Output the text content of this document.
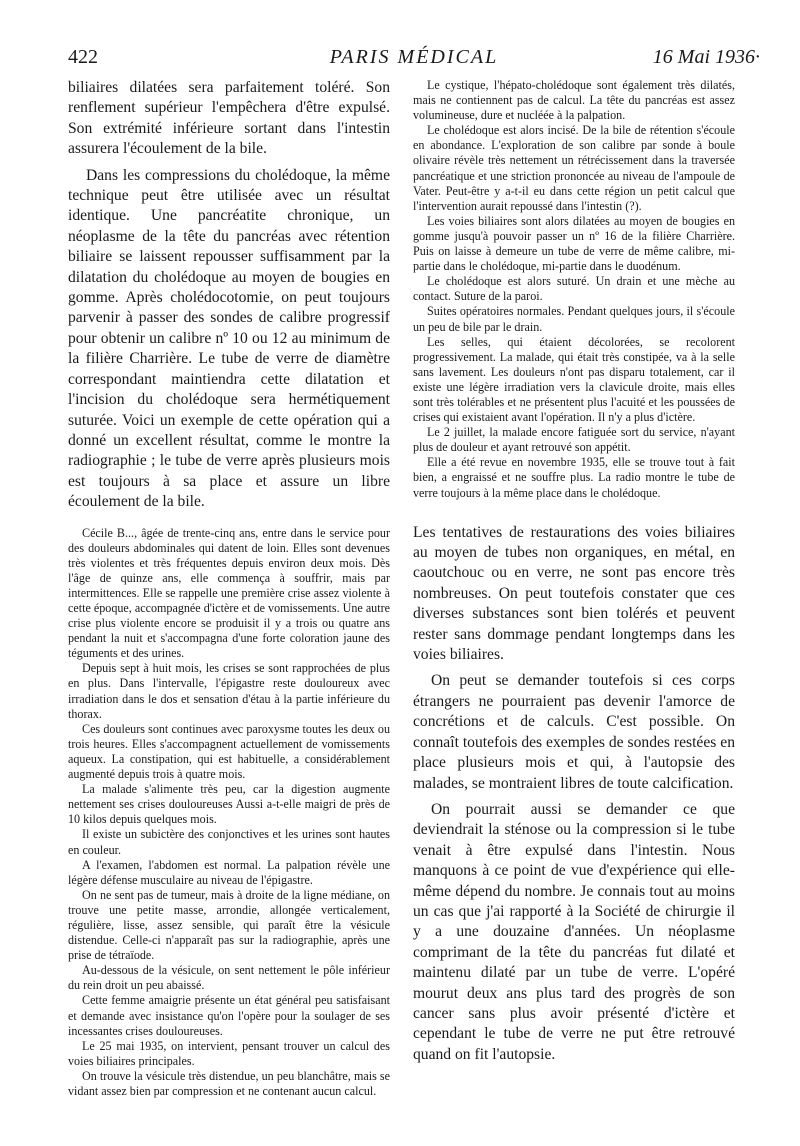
422	PARIS MÉDICAL	16 Mai 1936·

biliaires dilatées sera parfaitement toléré. Son renflement supérieur l'empêchera d'être expulsé. Son extrémité inférieure sortant dans l'intestin assurera l'écoulement de la bile.

Dans les compressions du cholédoque, la même technique peut être utilisée avec un résultat identique. Une pancréatite chronique, un néoplasme de la tête du pancréas avec rétention biliaire se laissent repousser suffisamment par la dilatation du cholédoque au moyen de bougies en gomme. Après cholédocotomie, on peut toujours parvenir à passer des sondes de calibre progressif pour obtenir un calibre nº 10 ou 12 au minimum de la filière Charrière. Le tube de verre de diamètre correspondant maintiendra cette dilatation et l'incision du cholédoque sera hermétiquement suturée. Voici un exemple de cette opération qui a donné un excellent résultat, comme le montre la radiographie ; le tube de verre après plusieurs mois est toujours à sa place et assure un libre écoulement de la bile.

Cécile B..., âgée de trente-cinq ans, entre dans le service pour des douleurs abdominales qui datent de loin. Elles sont devenues très violentes et très fréquentes depuis environ deux mois. Dès l'âge de quinze ans, elle commença à souffrir, mais par intermittences. Elle se rappelle une première crise assez violente à cette époque, accompagnée d'ictère et de vomissements. Une autre crise plus violente encore se produisit il y a trois ou quatre ans pendant la nuit et s'accompagna d'une forte coloration jaune des téguments et des urines.

Depuis sept à huit mois, les crises se sont rapprochées de plus en plus. Dans l'intervalle, l'épigastre reste douloureux avec irradiation dans le dos et sensation d'étau à la partie inférieure du thorax.

Ces douleurs sont continues avec paroxysme toutes les deux ou trois heures. Elles s'accompagnent actuellement de vomissements aqueux. La constipation, qui est habituelle, a considérablement augmenté depuis trois à quatre mois.

La malade s'alimente très peu, car la digestion augmente nettement ses crises douloureuses Aussi a-t-elle maigri de près de 10 kilos depuis quelques mois.

Il existe un subictère des conjonctives et les urines sont hautes en couleur.

A l'examen, l'abdomen est normal. La palpation révèle une légère défense musculaire au niveau de l'épigastre.

On ne sent pas de tumeur, mais à droite de la ligne médiane, on trouve une petite masse, arrondie, allongée verticalement, régulière, lisse, assez sensible, qui paraît être la vésicule distendue. Celle-ci n'apparaît pas sur la radiographie, après une prise de tétraïode.

Au-dessous de la vésicule, on sent nettement le pôle inférieur du rein droit un peu abaissé.

Cette femme amaigrie présente un état général peu satisfaisant et demande avec insistance qu'on l'opère pour la soulager de ses incessantes crises douloureuses.

Le 25 mai 1935, on intervient, pensant trouver un calcul des voies biliaires principales.

On trouve la vésicule très distendue, un peu blanchâtre, mais se vidant assez bien par compression et ne contenant aucun calcul.

Le cystique, l'hépato-cholédoque sont également très dilatés, mais ne contiennent pas de calcul. La tête du pancréas est assez volumineuse, dure et nucléée à la palpation.

Le cholédoque est alors incisé. De la bile de rétention s'écoule en abondance. L'exploration de son calibre par sonde à boule olivaire révèle très nettement un rétrécissement dans la traversée pancréatique et une striction prononcée au niveau de l'ampoule de Vater. Peut-être y a-t-il eu dans cette région un petit calcul que l'intervention aurait repoussé dans l'intestin (?).

Les voies biliaires sont alors dilatées au moyen de bougies en gomme jusqu'à pouvoir passer un nº 16 de la filière Charrière. Puis on laisse à demeure un tube de verre de même calibre, mi-partie dans le cholédoque, mi-partie dans le duodénum.

Le cholédoque est alors suturé. Un drain et une mèche au contact. Suture de la paroi.

Suites opératoires normales. Pendant quelques jours, il s'écoule un peu de bile par le drain.

Les selles, qui étaient décolorées, se recolorent progressivement. La malade, qui était très constipée, va à la selle sans lavement. Les douleurs n'ont pas disparu totalement, car il existe une légère irradiation vers la clavicule droite, mais elles sont très tolérables et ne présentent plus l'acuité et les poussées de crises qui existaient avant l'opération. Il n'y a plus d'ictère.

Le 2 juillet, la malade encore fatiguée sort du service, n'ayant plus de douleur et ayant retrouvé son appétit.

Elle a été revue en novembre 1935, elle se trouve tout à fait bien, a engraissé et ne souffre plus. La radio montre le tube de verre toujours à la même place dans le cholédoque.

Les tentatives de restaurations des voies biliaires au moyen de tubes non organiques, en métal, en caoutchouc ou en verre, ne sont pas encore très nombreuses. On peut toutefois constater que ces diverses substances sont bien tolérés et peuvent rester sans dommage pendant longtemps dans les voies biliaires.

On peut se demander toutefois si ces corps étrangers ne pourraient pas devenir l'amorce de concrétions et de calculs. C'est possible. On connaît toutefois des exemples de sondes restées en place plusieurs mois et qui, à l'autopsie des malades, se montraient libres de toute calcification.

On pourrait aussi se demander ce que deviendrait la sténose ou la compression si le tube venait à être expulsé dans l'intestin. Nous manquons à ce point de vue d'expérience qui elle-même dépend du nombre. Je connais tout au moins un cas que j'ai rapporté à la Société de chirurgie il y a une douzaine d'années. Un néoplasme comprimant de la tête du pancréas fut dilaté et maintenu dilaté par un tube de verre. L'opéré mourut deux ans plus tard des progrès de son cancer sans plus avoir présenté d'ictère et cependant le tube de verre ne put être retrouvé quand on fit l'autopsie.
